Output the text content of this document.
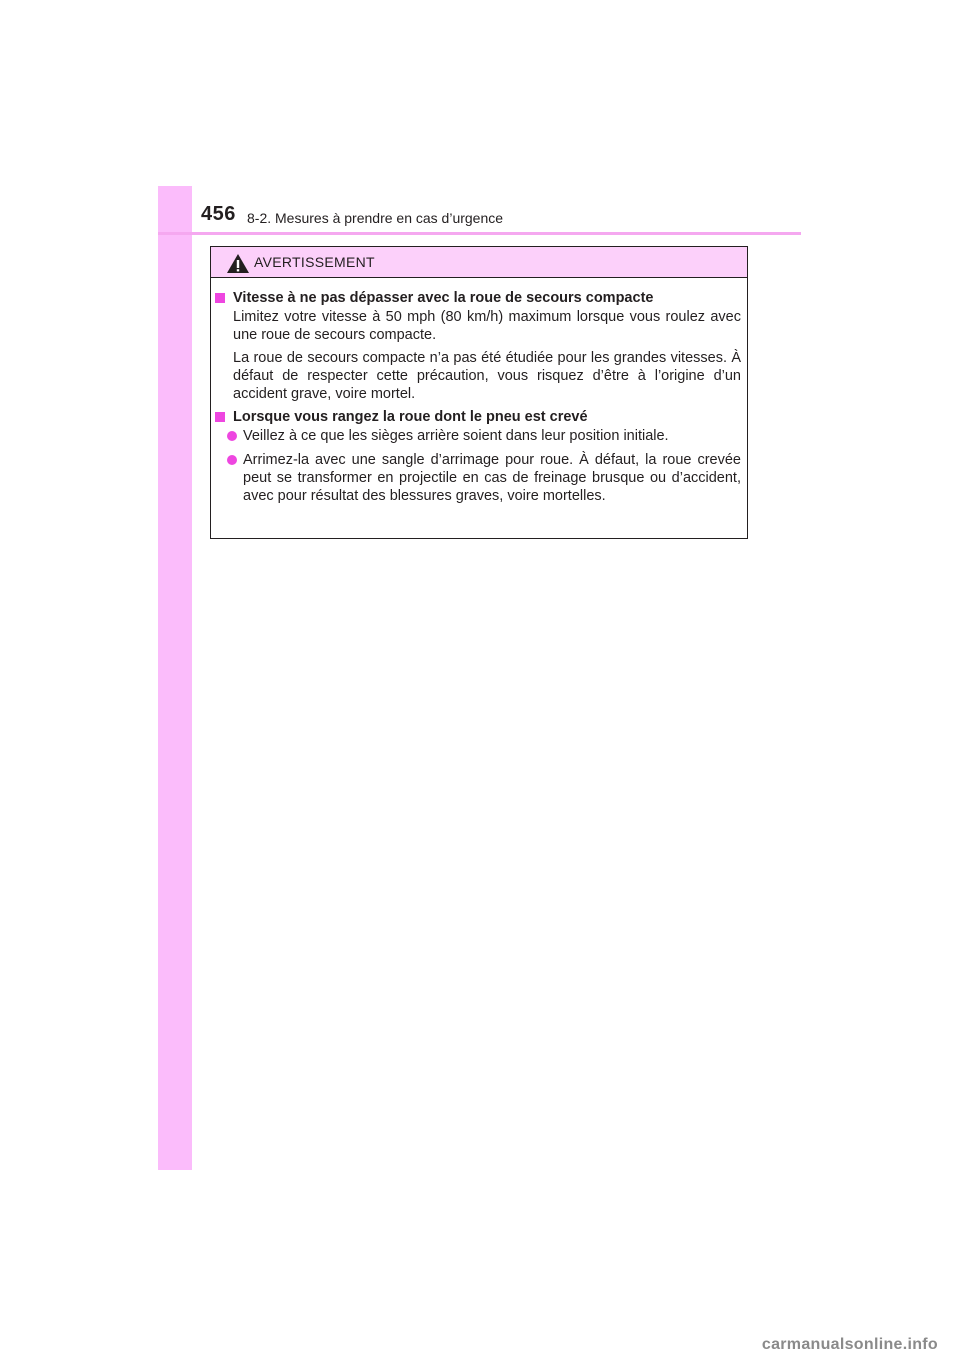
456 8-2. Mesures à prendre en cas d’urgence
AVERTISSEMENT
Vitesse à ne pas dépasser avec la roue de secours compacte
Limitez votre vitesse à 50 mph (80 km/h) maximum lorsque vous roulez avec une roue de secours compacte.
La roue de secours compacte n’a pas été étudiée pour les grandes vitesses. À défaut de respecter cette précaution, vous risquez d’être à l’origine d’un accident grave, voire mortel.
Lorsque vous rangez la roue dont le pneu est crevé
Veillez à ce que les sièges arrière soient dans leur position initiale.
Arrimez-la avec une sangle d’arrimage pour roue. À défaut, la roue crevée peut se transformer en projectile en cas de freinage brusque ou d’accident, avec pour résultat des blessures graves, voire mortelles.
carmanualsonline.info
